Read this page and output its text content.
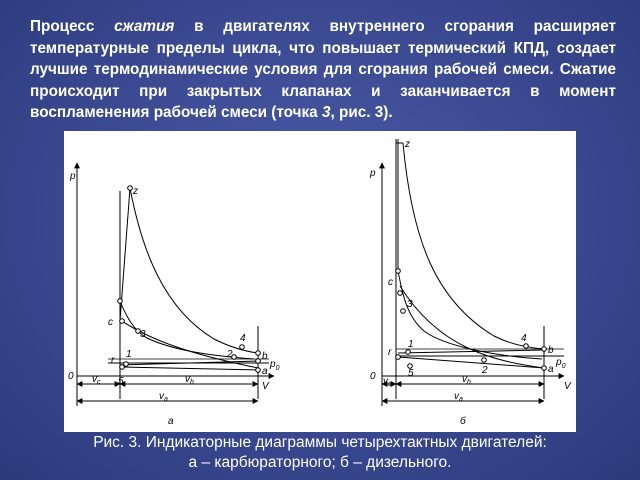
Процесс сжатия в двигателях внутреннего сгорания расширяет температурные пределы цикла, что повышает термический КПД, создает лучшие термодинамические условия для сгорания рабочей смеси. Сжатие происходит при закрытых клапанах и заканчивается в момент воспламенения рабочей смеси (точка 3, рис. 3).
p
V
0
z
c
3
1
r
4
2	b
a
$p_0$
5
$v_c$	$v_h$
$v_a$
а
p
V
0
z
c
3
1
r
4
2
b
a
$p_0$
5
$v_c$	$v_h$
$v_a$
б
Рис. 3. Индикаторные диаграммы четырехтактных двигателей:
а – карбюраторного; б – дизельного.
